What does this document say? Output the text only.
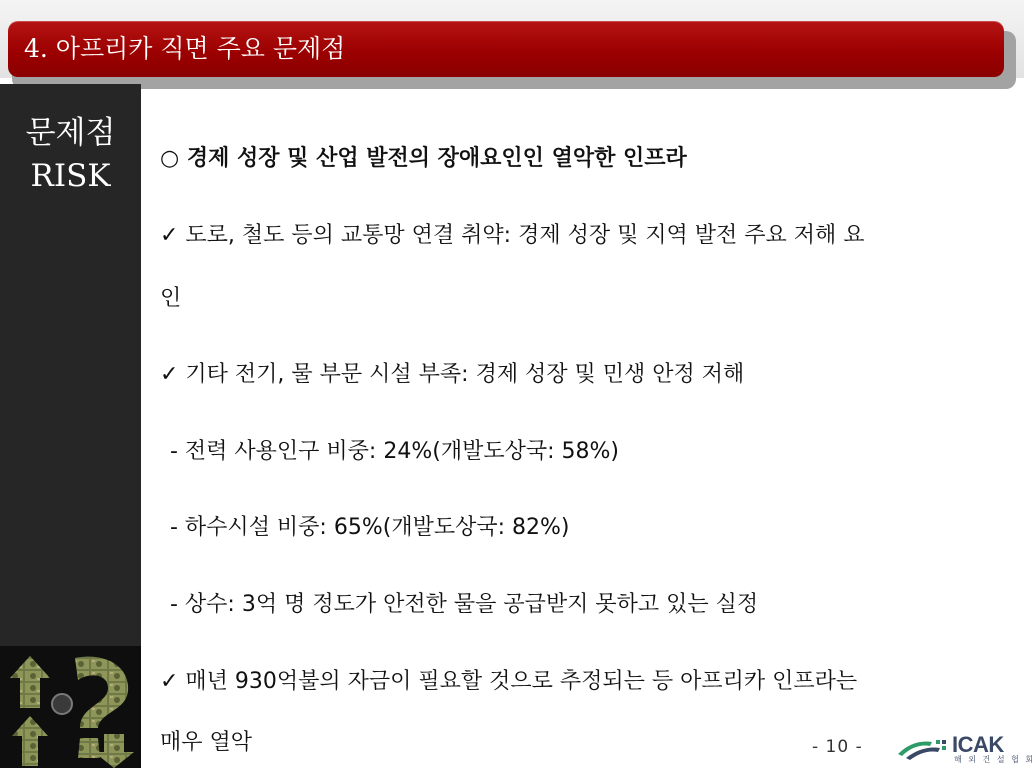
4. 아프리카 직면 주요 문제점
문제점
RISK	○ 경제 성장 및 산업 발전의 장애요인인 열악한 인프라
✓ 도로, 철도 등의 교통망 연결 취약: 경제 성장 및 지역 발전 주요 저해 요
인
✓ 기타 전기, 물 부문 시설 부족: 경제 성장 및 민생 안정 저해
- 전력 사용인구 비중: 24%(개발도상국: 58%)
- 하수시설 비중: 65%(개발도상국: 82%)
- 상수: 3억 명 정도가 안전한 물을 공급받지 못하고 있는 실정
✓ 매년 930억불의 자금이 필요할 것으로 추정되는 등 아프리카 인프라는
매우 열악	- 10 -	ICAK
해 외 건 설 협 회
